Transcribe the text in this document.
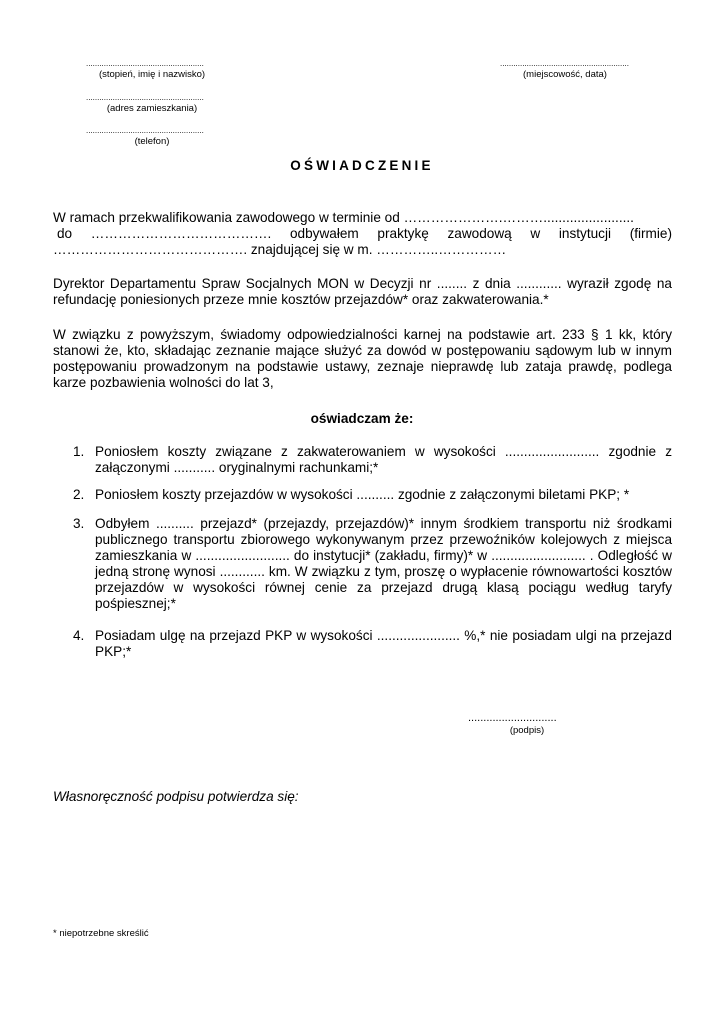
.....................................................
(stopień, imię i nazwisko)
.....................................................
(adres zamieszkania)
.....................................................
(telefon)
..........................................................
(miejscowość, data)
OŚWIADCZENIE
W ramach przekwalifikowania zawodowego w terminie od ………………….………........................
do …………………………………. odbywałem praktykę zawodową w instytucji (firmie)
……………………………………. znajdującej się w m. …………..……………
Dyrektor Departamentu Spraw Socjalnych MON w Decyzji nr ........ z dnia ............ wyraził zgodę na refundację poniesionych przeze mnie kosztów przejazdów* oraz zakwaterowania.*
W związku z powyższym, świadomy odpowiedzialności karnej na podstawie art. 233 § 1 kk, który stanowi że, kto, składając zeznanie mające służyć za dowód w postępowaniu sądowym lub w innym postępowaniu prowadzonym na podstawie ustawy, zeznaje nieprawdę lub zataja prawdę, podlega karze pozbawienia wolności do lat 3,
oświadczam że:
1. Poniosłem koszty związane z zakwaterowaniem w wysokości ......................... zgodnie z załączonymi ........... oryginalnymi rachunkami;*
2. Poniosłem koszty przejazdów w wysokości .......... zgodnie z załączonymi biletami PKP; *
3. Odbyłem .......... przejazd* (przejazdy, przejazdów)* innym środkiem transportu niż środkami publicznego transportu zbiorowego wykonywanym przez przewoźników kolejowych z miejsca zamieszkania w ......................... do instytucji* (zakładu, firmy)* w ......................... . Odległość w jedną stronę wynosi ............ km. W związku z tym, proszę o wypłacenie równowartości kosztów przejazdów w wysokości równej cenie za przejazd drugą klasą pociągu według taryfy pośpiesznej;*
4. Posiadam ulgę na przejazd PKP w wysokości ...................... %,* nie posiadam ulgi na przejazd PKP;*
.............................
(podpis)
Własnoręczność podpisu potwierdza się:
* niepotrzebne skreślić
